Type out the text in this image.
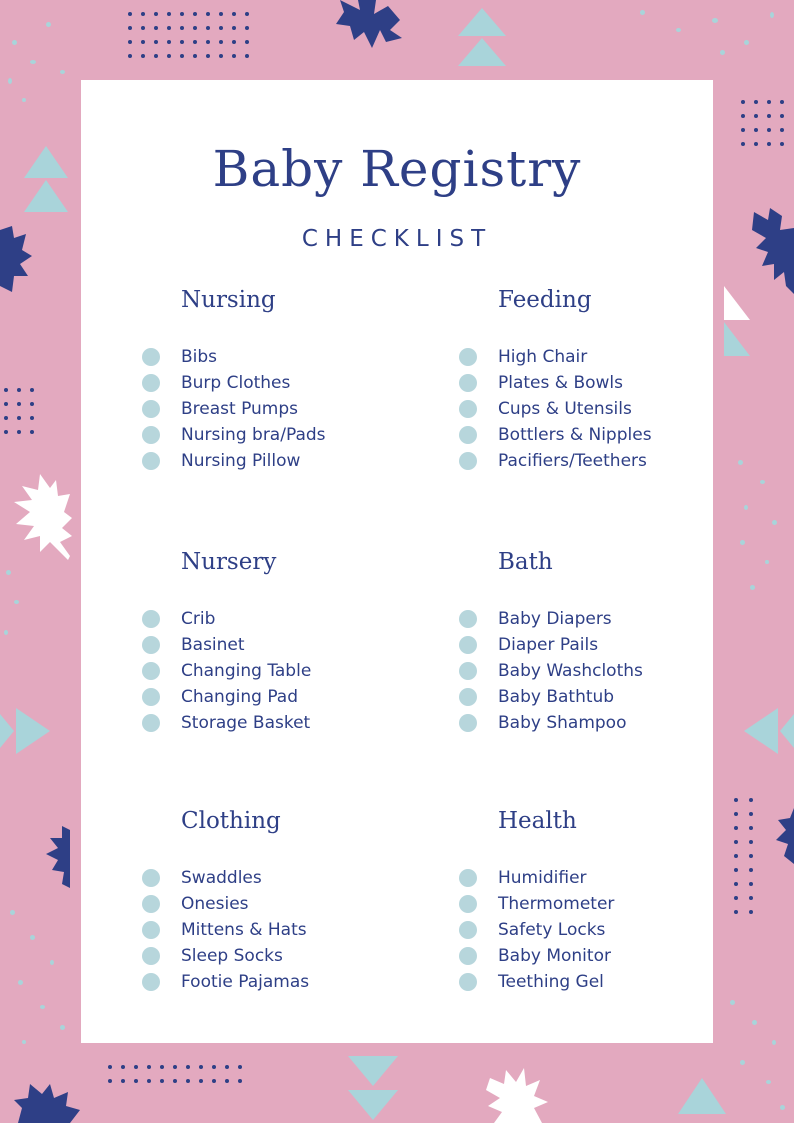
Baby Registry
CHECKLIST
Nursing
Bibs
Burp Clothes
Breast Pumps
Nursing bra/Pads
Nursing Pillow
Feeding
High Chair
Plates & Bowls
Cups & Utensils
Bottlers & Nipples
Pacifiers/Teethers
Nursery
Crib
Basinet
Changing Table
Changing Pad
Storage Basket
Bath
Baby Diapers
Diaper Pails
Baby Washcloths
Baby Bathtub
Baby Shampoo
Clothing
Swaddles
Onesies
Mittens & Hats
Sleep Socks
Footie Pajamas
Health
Humidifier
Thermometer
Safety Locks
Baby Monitor
Teething Gel
